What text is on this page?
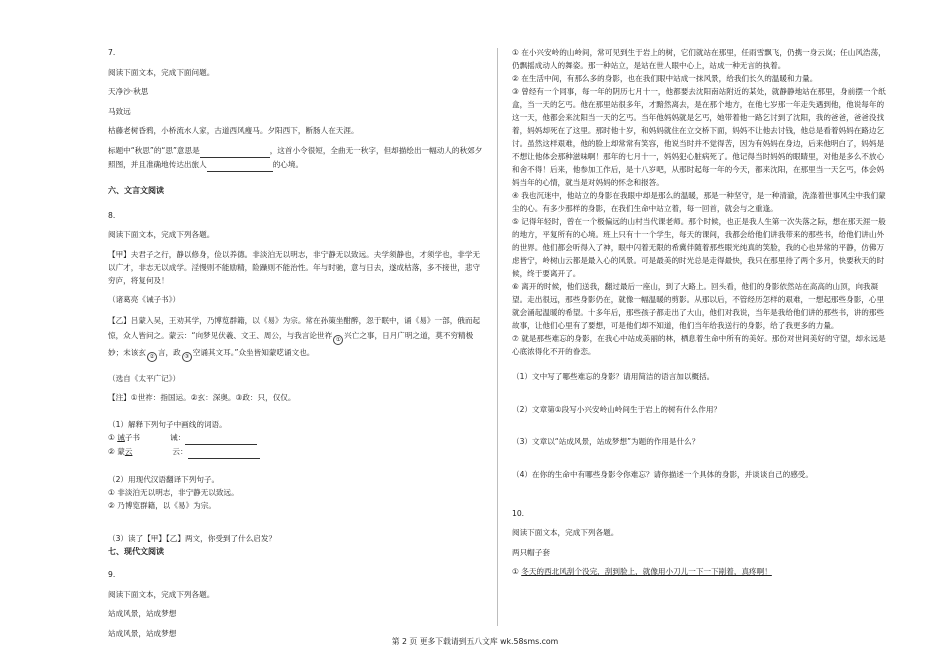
7.

阅读下面文本，完成下面问题。

天净沙·秋思

马致远

枯藤老树昏鸦，小桥流水人家，古道西风瘦马。夕阳西下，断肠人在天涯。

标题中“秋思”的“思”意思是	，这首小令很短，全曲无一秋字，但却描绘出一幅动人的秋郊夕照图，并且准确地传达出旅人	的心境。

六、文言文阅读

8.

阅读下面文本，完成下列各题。

【甲】夫君子之行，静以修身，俭以养德。非淡泊无以明志，非宁静无以致远。夫学须静也，才须学也，非学无以广才，非志无以成学。淫慢则不能励精，险躁则不能治性。年与时驰，意与日去，遂成枯落，多不接世，悲守穷庐，将复何及！

（诸葛亮《诫子书》）

【乙】吕蒙入吴，王劝其学，乃博览群籍，以《易》为宗。常在孙策坐酣醉，忽于眠中，诵《易》一部，俄而起惊，众人皆问之。蒙云：“向梦见伏羲、文王、周公，与我言论世祚 ① 兴亡之事，日月广明之道，莫不穷精极妙；未该玄 ② 言，政 ③ 空诵其文耳。”众坐皆知蒙呓诵文也。

（选自《太平广记》）

【注】①世祚：指国运。②玄：深奥。③政：只，仅仅。

（1）解释下列句子中画线的词语。

① 诫子书	诫：

② 蒙云	云：

（2）用现代汉语翻译下列句子。

① 非淡泊无以明志，非宁静无以致远。

② 乃博览群籍，以《易》为宗。

（3）读了【甲】【乙】两文，你受到了什么启发？

七、现代文阅读

9.

阅读下面文本，完成下列各题。

站成风景，站成梦想

站成风景，站成梦想

① 在小兴安岭的山岭间，常可见到生于岩上的树，它们就站在那里，任雨雪飘飞，仍携一身云岚；任山风浩荡，仍飘摇成动人的舞姿。那一种站立，是站在世人眼中心上，站成一种无言的执着。

② 在生活中间，有那么多的身影，也在我们眼中站成一抹风景，给我们长久的温暖和力量。

③ 曾经有一个同事，每一年的阴历七月十一，他都要去沈阳南站附近的某处，就静静地站在那里，身前摆一个纸盒，当一天的乞丐。他在那里站很多年，才黯然离去，是在那个地方，在他七岁那一年走失遇到他，他说每年的这一天，他都会来沈阳当一天的乞丐。当年他妈妈就是乞丐，她带着他一路乞讨到了沈阳，我的爸爸，爸爸没找着，妈妈却死在了这里。那时他十岁，和妈妈就住在立交桥下面，妈妈不让他去讨钱，他总是看着妈妈在路边乞讨。虽然这样艰难，他的脸上却常常有笑容，他说当时并不觉得苦，因为有妈妈在身边，后来他明白了，妈妈是不想让他体会那种滋味啊！那年的七月十一，妈妈犯心脏病死了。他记得当时妈妈的眼睛里，对他是多么不放心和舍不得！后来，他参加工作后，是十八岁吧，从那时起每一年的今天，都来沈阳，在那里当一天乞丐，体会妈妈当年的心情，就当是对妈妈的怀念和报答。

④ 我也沉迷中，他站立的身影在我眼中却是那么的温暖，那是一种坚守，是一种清澈，洗涤着世事风尘中我们蒙尘的心。有多少那样的身影，在我们生命中站立着，每一回首，就会与之重逢。

⑤ 记得年轻时，曾在一个极偏远的山村当代课老师。那个时候，也正是我人生第一次失落之际，想在那天涯一般的地方，平复所有的心境。班上只有十一个学生，每天的课间，我都会给他们讲我带来的那些书，给他们讲山外的世界。他们都会听得入了神，眼中闪着无限的希冀伴随着那些眼光纯真的笑脸，我的心也异常的平静，仿佛万虑皆宁，岭树山云都是最入心的风景。可是最美的时光总是走得最快，我只在那里待了两个多月，快要秋天的时候，终于要离开了。

⑥ 离开的时候，他们送我，翻过最后一座山，到了大路上。回头看，他们的身影依然站在高高的山顶，向我凝望。走出很远，那些身影仍在，就像一幅温暖的剪影。从那以后，不管经历怎样的艰难，一想起那些身影，心里就会涌起温暖的希望。十多年后，那些孩子都走出了大山，他们对我说，当年是我给他们讲的那些书，讲的那些故事，让他们心里有了要想，可是他们却不知道，他们当年给我送行的身影，给了我更多的力量。

⑦ 就是那些难忘的身影，在我心中站成美丽的林，栖息着生命中所有的美好。那份对世间美好的守望，却永远是心底浓得化不开的眷恋。

（1）文中写了哪些难忘的身影？请用简洁的语言加以概括。

（2）文章第①段写小兴安岭山岭间生于岩上的树有什么作用？

（3）文章以“站成风景，站成梦想”为题的作用是什么？

（4）在你的生命中有哪些身影令你难忘？请你描述一个具体的身影，并谈谈自己的感受。

10.

阅读下面文本，完成下列各题。

两只帽子套

① 冬天的西北风刮个没完，刮到脸上，就像用小刀儿一下一下剐着，真疼啊！

第 2 页 更多下载请到五八文库 wk.58sms.com
